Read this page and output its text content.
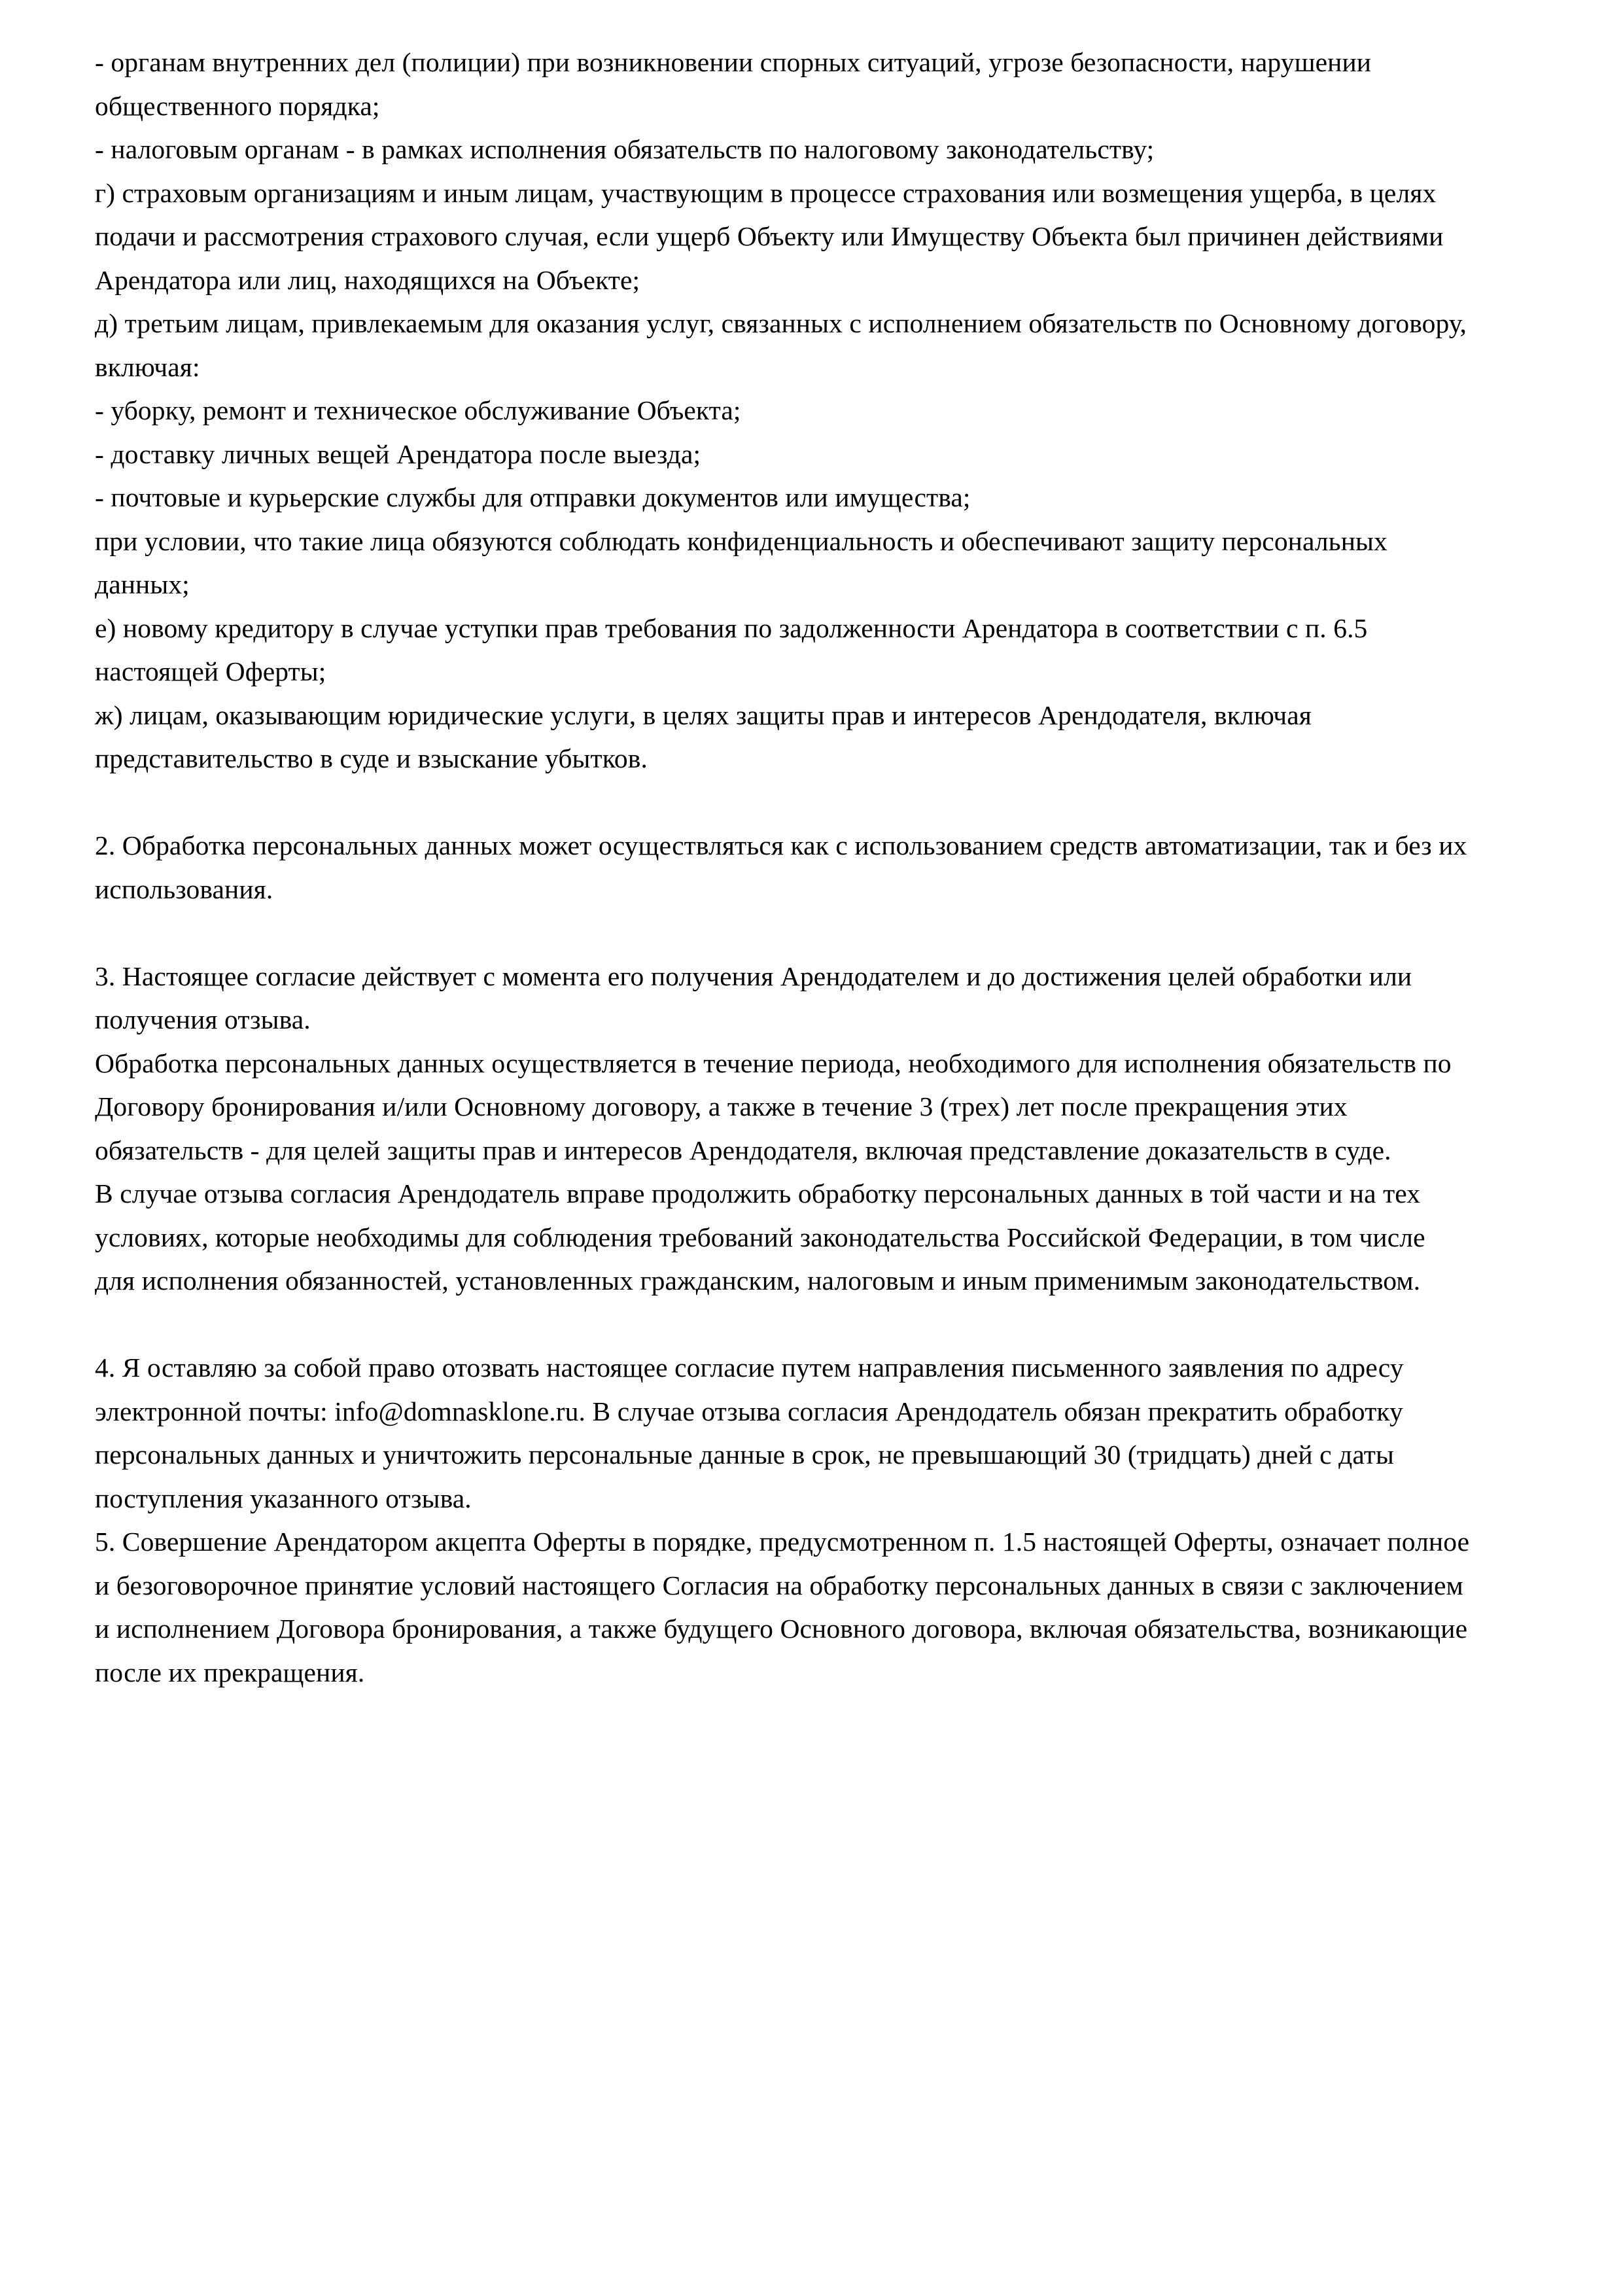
- органам внутренних дел (полиции) при возникновении спорных ситуаций, угрозе безопасности, нарушении общественного порядка;

- налоговым органам - в рамках исполнения обязательств по налоговому законодательству;

г) страховым организациям и иным лицам, участвующим в процессе страхования или возмещения ущерба, в целях подачи и рассмотрения страхового случая, если ущерб Объекту или Имуществу Объекта был причинен действиями Арендатора или лиц, находящихся на Объекте;

д) третьим лицам, привлекаемым для оказания услуг, связанных с исполнением обязательств по Основному договору, включая:

- уборку, ремонт и техническое обслуживание Объекта;

- доставку личных вещей Арендатора после выезда;

- почтовые и курьерские службы для отправки документов или имущества;

при условии, что такие лица обязуются соблюдать конфиденциальность и обеспечивают защиту персональных данных;

е) новому кредитору в случае уступки прав требования по задолженности Арендатора в соответствии с п. 6.5 настоящей Оферты;

ж) лицам, оказывающим юридические услуги, в целях защиты прав и интересов Арендодателя, включая представительство в суде и взыскание убытков.

2. Обработка персональных данных может осуществляться как с использованием средств автоматизации, так и без их использования.

3. Настоящее согласие действует с момента его получения Арендодателем и до достижения целей обработки или получения отзыва.

Обработка персональных данных осуществляется в течение периода, необходимого для исполнения обязательств по Договору бронирования и/или Основному договору, а также в течение 3 (трех) лет после прекращения этих обязательств - для целей защиты прав и интересов Арендодателя, включая представление доказательств в суде.

В случае отзыва согласия Арендодатель вправе продолжить обработку персональных данных в той части и на тех условиях, которые необходимы для соблюдения требований законодательства Российской Федерации, в том числе для исполнения обязанностей, установленных гражданским, налоговым и иным применимым законодательством.

4. Я оставляю за собой право отозвать настоящее согласие путем направления письменного заявления по адресу электронной почты: info@domnasklone.ru. В случае отзыва согласия Арендодатель обязан прекратить обработку персональных данных и уничтожить персональные данные в срок, не превышающий 30 (тридцать) дней с даты поступления указанного отзыва.

5. Совершение Арендатором акцепта Оферты в порядке, предусмотренном п. 1.5 настоящей Оферты, означает полное и безоговорочное принятие условий настоящего Согласия на обработку персональных данных в связи с заключением и исполнением Договора бронирования, а также будущего Основного договора, включая обязательства, возникающие после их прекращения.
